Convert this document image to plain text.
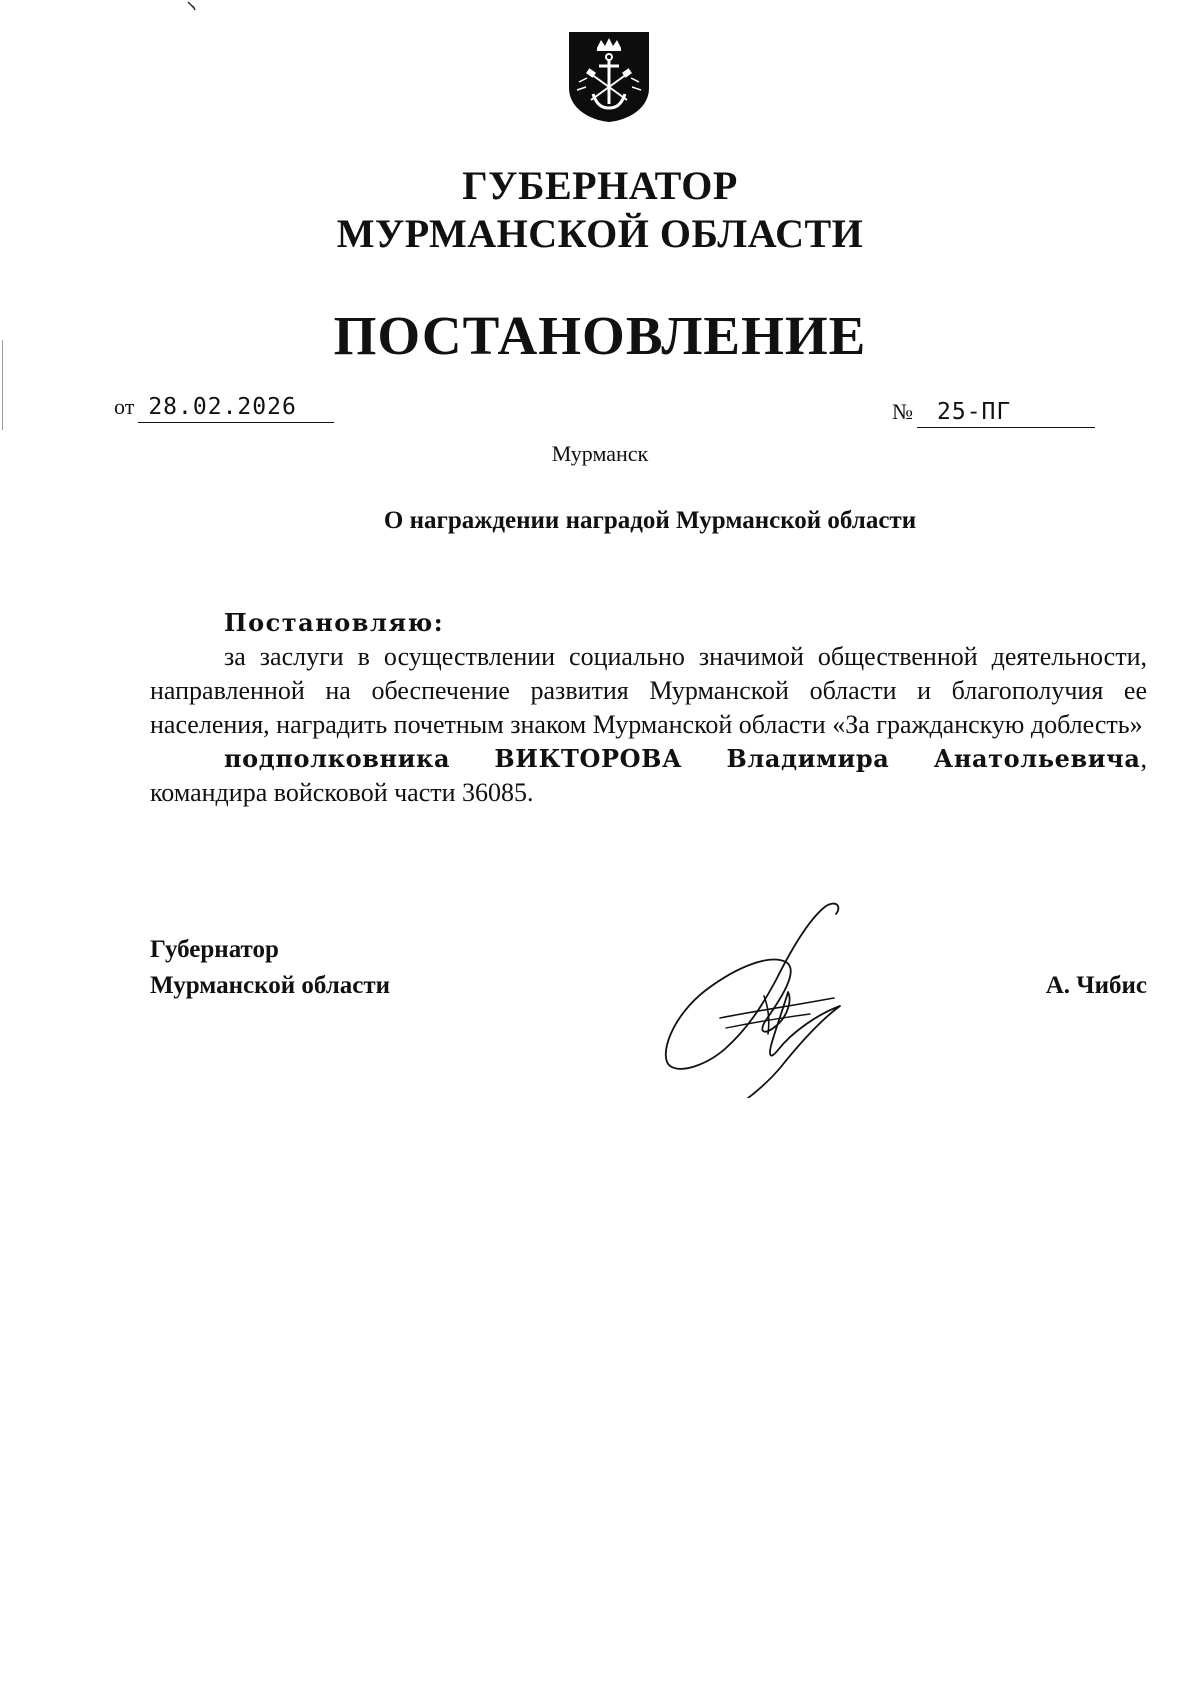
ГУБЕРНАТОР
МУРМАНСКОЙ ОБЛАСТИ
ПОСТАНОВЛЕНИЕ
от 28.02.2026	№ 25-ПГ
Мурманск
О награждении наградой Мурманской области
Постановляю:

за заслуги в осуществлении социально значимой общественной деятельности, направленной на обеспечение развития Мурманской области и благополучия ее населения, наградить почетным знаком Мурманской области «За гражданскую доблесть»

подполковника ВИКТОРОВА Владимира Анатольевича, командира войсковой части 36085.

Губернатор
Мурманской области	А. Чибис
